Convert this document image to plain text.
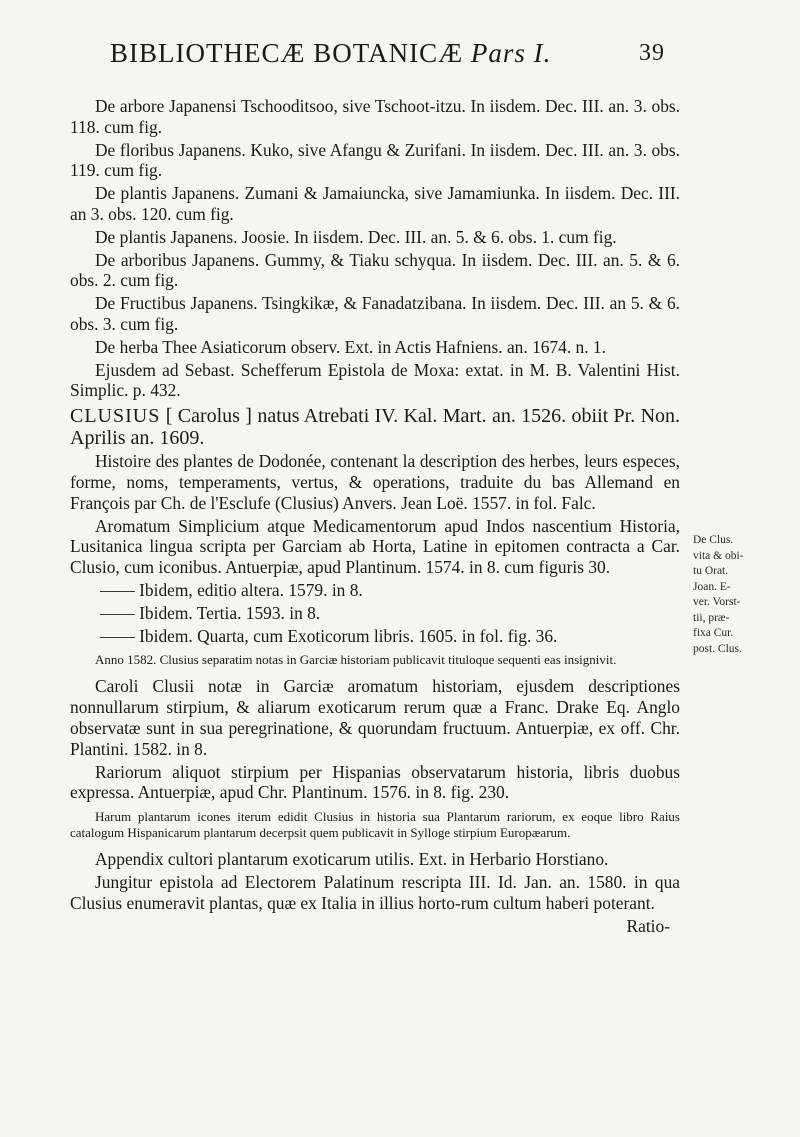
BIBLIOTHECÆ BOTANICÆ Pars I.	39

De arbore Japanensi Tschooditsoo, sive Tschoot-itzu. In iisdem. Dec. III. an. 3. obs. 118. cum fig.

De floribus Japanens. Kuko, sive Afangu & Zurifani. In iisdem. Dec. III. an. 3. obs. 119. cum fig.

De plantis Japanens. Zumani & Jamaiuncka, sive Jamamiunka. In iisdem. Dec. III. an 3. obs. 120. cum fig.

De plantis Japanens. Joosie. In iisdem. Dec. III. an. 5. & 6. obs. 1. cum fig.

De arboribus Japanens. Gummy, & Tiaku schyqua. In iisdem. Dec. III. an. 5. & 6. obs. 2. cum fig.

De Fructibus Japanens. Tsingkikæ, & Fanadatzibana. In iisdem. Dec. III. an 5. & 6. obs. 3. cum fig.

De herba Thee Asiaticorum observ. Ext. in Actis Hafniens. an. 1674. n. 1.

Ejusdem ad Sebast. Schefferum Epistola de Moxa: extat. in M. B. Valentini Hist. Simplic. p. 432.

CLUSIUS [ Carolus ] natus Atrebati IV. Kal. Mart. an. 1526. obiit Pr. Non. Aprilis an. 1609.

Histoire des plantes de Dodonée, contenant la description des herbes, leurs especes, forme, noms, temperaments, vertus, & operations, traduite du bas Allemand en François par Ch. de l'Esclufe (Clusius) Anvers. Jean Loë. 1557. in fol. Falc.

Aromatum Simplicium atque Medicamentorum apud Indos nascentium Historia, Lusitanica lingua scripta per Garciam ab Horta, Latine in epitomen contracta a Car. Clusio, cum iconibus. Antuerpiæ, apud Plantinum. 1574. in 8. cum figuris 30.

—— Ibidem, editio altera. 1579. in 8.

—— Ibidem. Tertia. 1593. in 8.

—— Ibidem. Quarta, cum Exoticorum libris. 1605. in fol. fig. 36.

Anno 1582. Clusius separatim notas in Garciæ historiam publicavit tituloque sequenti eas insignivit.

Caroli Clusii notæ in Garciæ aromatum historiam, ejusdem descriptiones nonnullarum stirpium, & aliarum exoticarum rerum quæ a Franc. Drake Eq. Anglo observatæ sunt in sua peregrinatione, & quorundam fructuum. Antuerpiæ, ex off. Chr. Plantini. 1582. in 8.

Rariorum aliquot stirpium per Hispanias observatarum historia, libris duobus expressa. Antuerpiæ, apud Chr. Plantinum. 1576. in 8. fig. 230.

Harum plantarum icones iterum edidit Clusius in historia sua Plantarum rariorum, ex eoque libro Raius catalogum Hispanicarum plantarum decerpsit quem publicavit in Sylloge stirpium Europæarum.

Appendix cultori plantarum exoticarum utilis. Ext. in Herbario Horstiano.

Jungitur epistola ad Electorem Palatinum rescripta III. Id. Jan. an. 1580. in qua Clusius enumeravit plantas, quæ ex Italia in illius horto-rum cultum haberi poterant.

Ratio-

De Clus.
vita & obi-
tu Orat.
Joan. E-
ver. Vorst-
tii, præ-
fixa Cur.
post. Clus.
